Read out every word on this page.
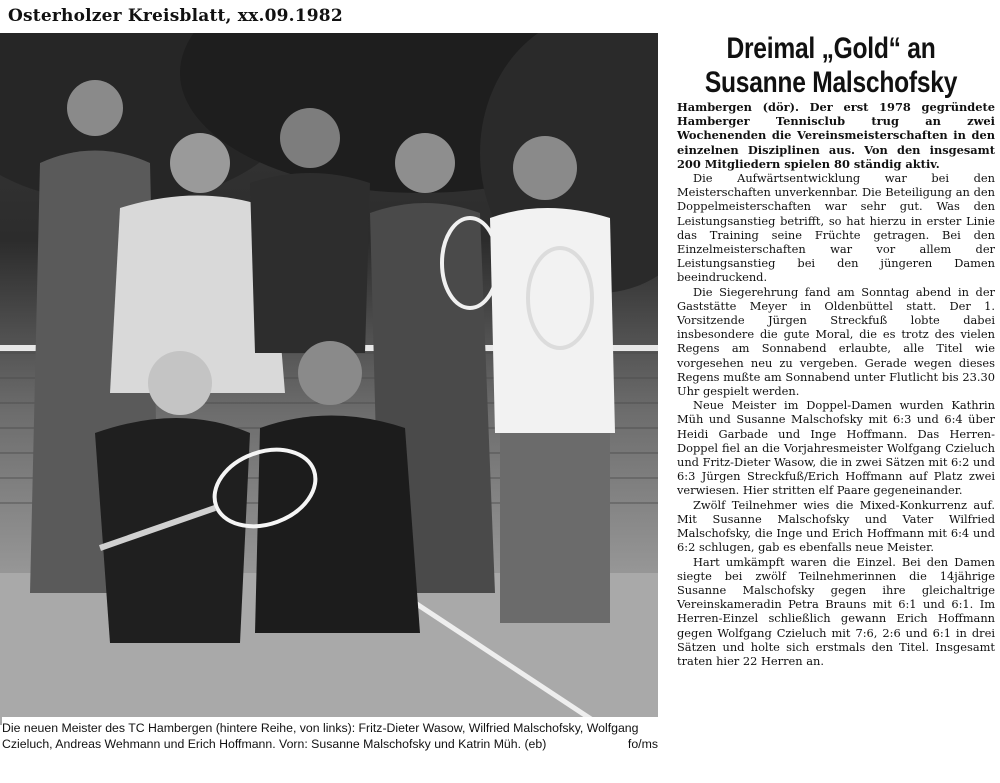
Osterholzer Kreisblatt, xx.09.1982

Die neuen Meister des TC Hambergen (hintere Reihe, von links): Fritz-Dieter Wasow, Wilfried Malschofsky, Wolfgang Czieluch, Andreas Wehmann und Erich Hoffmann. Vorn: Susanne Malschofsky und Katrin Müh. (eb)	fo/ms

Dreimal „Gold“ an
Susanne Malschofsky

Hambergen (dör). Der erst 1978 gegründete Hamberger Tennisclub trug an zwei Wochenenden die Vereinsmeisterschaften in den einzelnen Disziplinen aus. Von den insgesamt 200 Mitgliedern spielen 80 ständig aktiv.

Die Aufwärtsentwicklung war bei den Meisterschaften unverkennbar. Die Beteiligung an den Doppelmeisterschaften war sehr gut. Was den Leistungsanstieg betrifft, so hat hierzu in erster Linie das Training seine Früchte getragen. Bei den Einzelmeisterschaften war vor allem der Leistungsanstieg bei den jüngeren Damen beeindruckend.

Die Siegerehrung fand am Sonntag abend in der Gaststätte Meyer in Oldenbüttel statt. Der 1. Vorsitzende Jürgen Streckfuß lobte dabei insbesondere die gute Moral, die es trotz des vielen Regens am Sonnabend erlaubte, alle Titel wie vorgesehen neu zu vergeben. Gerade wegen dieses Regens mußte am Sonnabend unter Flutlicht bis 23.30 Uhr gespielt werden.

Neue Meister im Doppel-Damen wurden Kathrin Müh und Susanne Malschofsky mit 6:3 und 6:4 über Heidi Garbade und Inge Hoffmann. Das Herren-Doppel fiel an die Vorjahresmeister Wolfgang Czieluch und Fritz-Dieter Wasow, die in zwei Sätzen mit 6:2 und 6:3 Jürgen Streckfuß/Erich Hoffmann auf Platz zwei verwiesen. Hier stritten elf Paare gegeneinander.

Zwölf Teilnehmer wies die Mixed-Konkurrenz auf. Mit Susanne Malschofsky und Vater Wilfried Malschofsky, die Inge und Erich Hoffmann mit 6:4 und 6:2 schlugen, gab es ebenfalls neue Meister.

Hart umkämpft waren die Einzel. Bei den Damen siegte bei zwölf Teilnehmerinnen die 14jährige Susanne Malschofsky gegen ihre gleichaltrige Vereinskameradin Petra Brauns mit 6:1 und 6:1. Im Herren-Einzel schließlich gewann Erich Hoffmann gegen Wolfgang Czieluch mit 7:6, 2:6 und 6:1 in drei Sätzen und holte sich erstmals den Titel. Insgesamt traten hier 22 Herren an.
